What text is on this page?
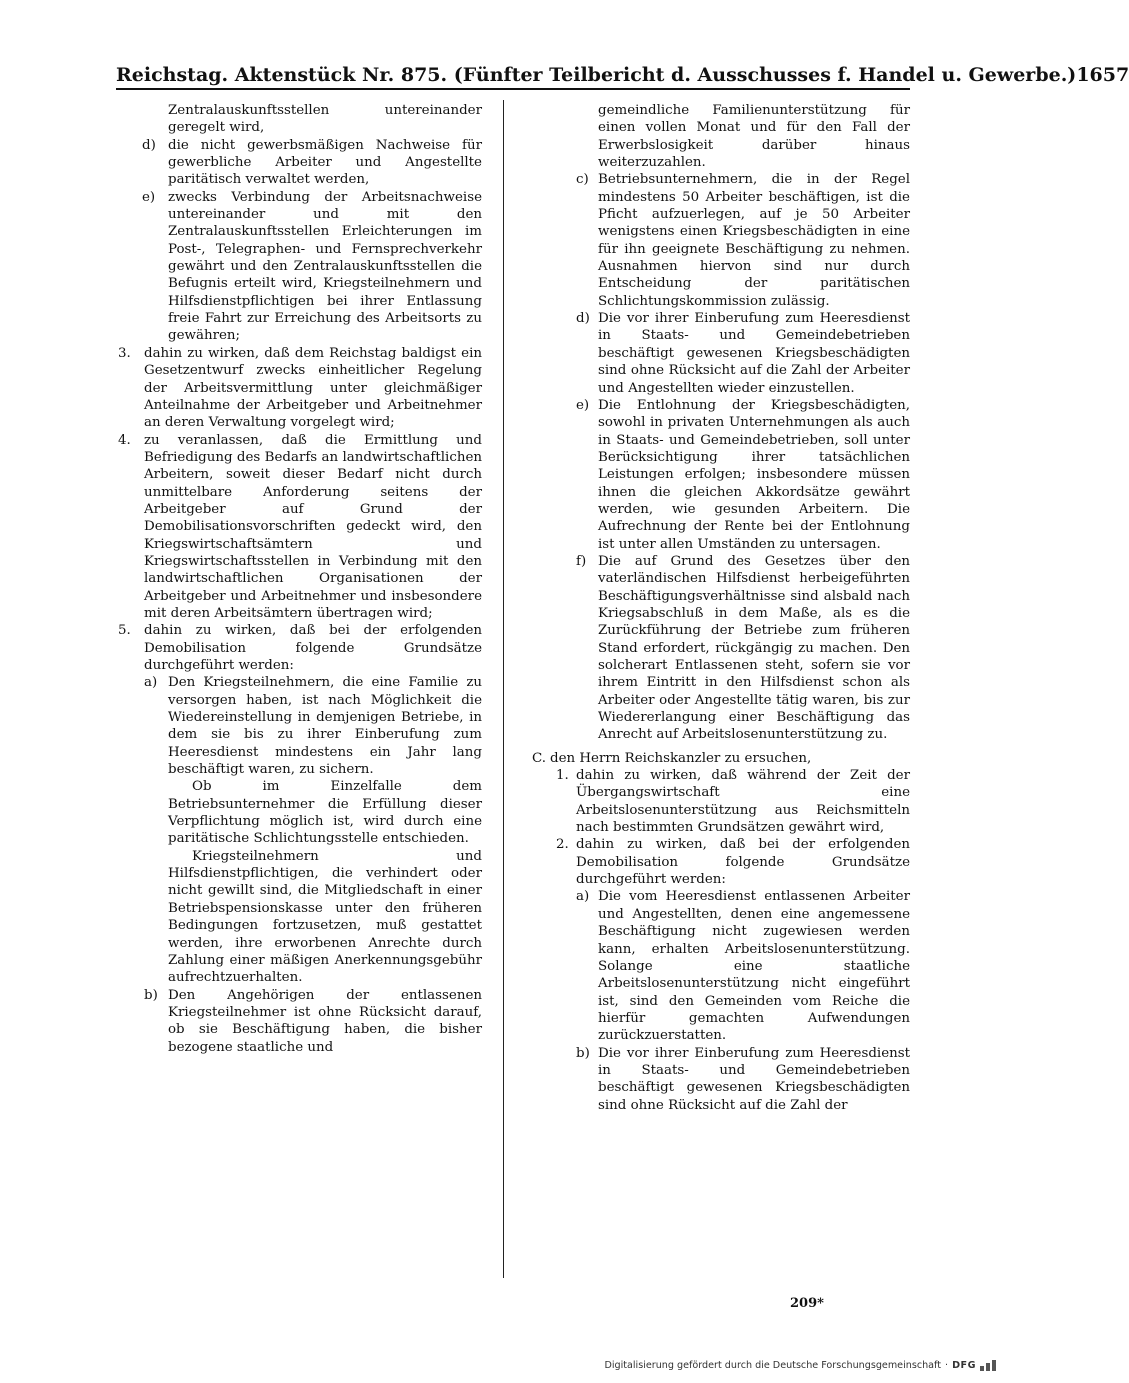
Reichstag. Aktenstück Nr. 875. (Fünfter Teilbericht d. Ausschusses f. Handel u. Gewerbe.) 1657
Zentralauskunftsstellen untereinander geregelt wird,
d) die nicht gewerbsmäßigen Nachweise für gewerbliche Arbeiter und Angestellte paritätisch verwaltet werden,
e) zwecks Verbindung der Arbeitsnachweise untereinander und mit den Zentralauskunftsstellen Erleichterungen im Post-, Telegraphen- und Fernsprechverkehr gewährt und den Zentralauskunftsstellen die Befugnis erteilt wird, Kriegsteilnehmern und Hilfsdienstpflichtigen bei ihrer Entlassung freie Fahrt zur Erreichung des Arbeitsorts zu gewähren;
3. dahin zu wirken, daß dem Reichstag baldigst ein Gesetzentwurf zwecks einheitlicher Regelung der Arbeitsvermittlung unter gleichmäßiger Anteilnahme der Arbeitgeber und Arbeitnehmer an deren Verwaltung vorgelegt wird;
4. zu veranlassen, daß die Ermittlung und Befriedigung des Bedarfs an landwirtschaftlichen Arbeitern, soweit dieser Bedarf nicht durch unmittelbare Anforderung seitens der Arbeitgeber auf Grund der Demobilisationsvorschriften gedeckt wird, den Kriegswirtschaftsämtern und Kriegswirtschaftsstellen in Verbindung mit den landwirtschaftlichen Organisationen der Arbeitgeber und Arbeitnehmer und insbesondere mit deren Arbeitsämtern übertragen wird;
5. dahin zu wirken, daß bei der erfolgenden Demobilisation folgende Grundsätze durchgeführt werden:
a) Den Kriegsteilnehmern, die eine Familie zu versorgen haben, ist nach Möglichkeit die Wiedereinstellung in demjenigen Betriebe, in dem sie bis zu ihrer Einberufung zum Heeresdienst mindestens ein Jahr lang beschäftigt waren, zu sichern.
Ob im Einzelfalle dem Betriebsunternehmer die Erfüllung dieser Verpflichtung möglich ist, wird durch eine paritätische Schlichtungsstelle entschieden.
Kriegsteilnehmern und Hilfsdienstpflichtigen, die verhindert oder nicht gewillt sind, die Mitgliedschaft in einer Betriebspensionskasse unter den früheren Bedingungen fortzusetzen, muß gestattet werden, ihre erworbenen Anrechte durch Zahlung einer mäßigen Anerkennungsgebühr aufrechtzuerhalten.
b) Den Angehörigen der entlassenen Kriegsteilnehmer ist ohne Rücksicht darauf, ob sie Beschäftigung haben, die bisher bezogene staatliche und
gemeindliche Familienunterstützung für einen vollen Monat und für den Fall der Erwerbslosigkeit darüber hinaus weiterzuzahlen.
c) Betriebsunternehmern, die in der Regel mindestens 50 Arbeiter beschäftigen, ist die Pficht aufzuerlegen, auf je 50 Arbeiter wenigstens einen Kriegsbeschädigten in eine für ihn geeignete Beschäftigung zu nehmen. Ausnahmen hiervon sind nur durch Entscheidung der paritätischen Schlichtungskommission zulässig.
d) Die vor ihrer Einberufung zum Heeresdienst in Staats- und Gemeindebetrieben beschäftigt gewesenen Kriegsbeschädigten sind ohne Rücksicht auf die Zahl der Arbeiter und Angestellten wieder einzustellen.
e) Die Entlohnung der Kriegsbeschädigten, sowohl in privaten Unternehmungen als auch in Staats- und Gemeindebetrieben, soll unter Berücksichtigung ihrer tatsächlichen Leistungen erfolgen; insbesondere müssen ihnen die gleichen Akkordsätze gewährt werden, wie gesunden Arbeitern. Die Aufrechnung der Rente bei der Entlohnung ist unter allen Umständen zu untersagen.
f) Die auf Grund des Gesetzes über den vaterländischen Hilfsdienst herbeigeführten Beschäftigungsverhältnisse sind alsbald nach Kriegsabschluß in dem Maße, als es die Zurückführung der Betriebe zum früheren Stand erfordert, rückgängig zu machen. Den solcherart Entlassenen steht, sofern sie vor ihrem Eintritt in den Hilfsdienst schon als Arbeiter oder Angestellte tätig waren, bis zur Wiedererlangung einer Beschäftigung das Anrecht auf Arbeitslosenunterstützung zu.
C. den Herrn Reichskanzler zu ersuchen,
1. dahin zu wirken, daß während der Zeit der Übergangswirtschaft eine Arbeitslosenunterstützung aus Reichsmitteln nach bestimmten Grundsätzen gewährt wird,
2. dahin zu wirken, daß bei der erfolgenden Demobilisation folgende Grundsätze durchgeführt werden:
a) Die vom Heeresdienst entlassenen Arbeiter und Angestellten, denen eine angemessene Beschäftigung nicht zugewiesen werden kann, erhalten Arbeitslosenunterstützung. Solange eine staatliche Arbeitslosenunterstützung nicht eingeführt ist, sind den Gemeinden vom Reiche die hierfür gemachten Aufwendungen zurückzuerstatten.
b) Die vor ihrer Einberufung zum Heeresdienst in Staats- und Gemeindebetrieben beschäftigt gewesenen Kriegsbeschädigten sind ohne Rücksicht auf die Zahl der
209*
Digitalisierung gefördert durch die Deutsche Forschungsgemeinschaft · DFG
